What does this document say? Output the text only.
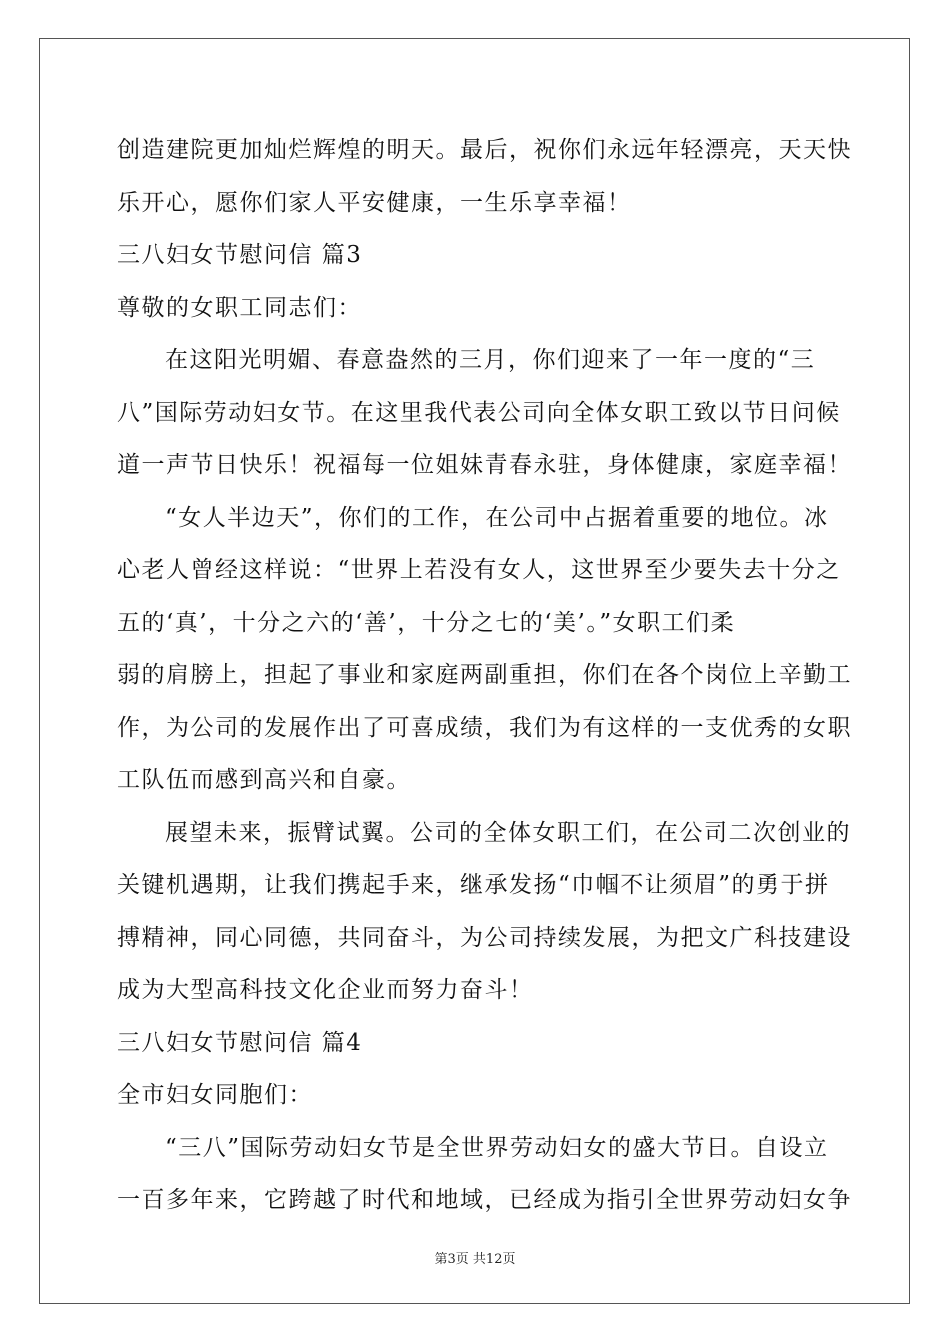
创造建院更加灿烂辉煌的明天。最后，祝你们永远年轻漂亮，天天快
乐开心，愿你们家人平安健康，一生乐享幸福！
三八妇女节慰问信 篇3
尊敬的女职工同志们：
在这阳光明媚、春意盎然的三月，你们迎来了一年一度的“三
八”国际劳动妇女节。在这里我代表公司向全体女职工致以节日问候
道一声节日快乐！祝福每一位姐妹青春永驻，身体健康，家庭幸福！
“女人半边天”，你们的工作，在公司中占据着重要的地位。冰
心老人曾经这样说：“世界上若没有女人，这世界至少要失去十分之
五的‘真’，十分之六的‘善’，十分之七的‘美’。”女职工们柔
弱的肩膀上，担起了事业和家庭两副重担，你们在各个岗位上辛勤工
作，为公司的发展作出了可喜成绩，我们为有这样的一支优秀的女职
工队伍而感到高兴和自豪。
展望未来，振臂试翼。公司的全体女职工们，在公司二次创业的
关键机遇期，让我们携起手来，继承发扬“巾帼不让须眉”的勇于拼
搏精神，同心同德，共同奋斗，为公司持续发展，为把文广科技建设
成为大型高科技文化企业而努力奋斗！
三八妇女节慰问信 篇4
全市妇女同胞们：
“三八”国际劳动妇女节是全世界劳动妇女的盛大节日。自设立
一百多年来，它跨越了时代和地域，已经成为指引全世界劳动妇女争
第3页 共12页
